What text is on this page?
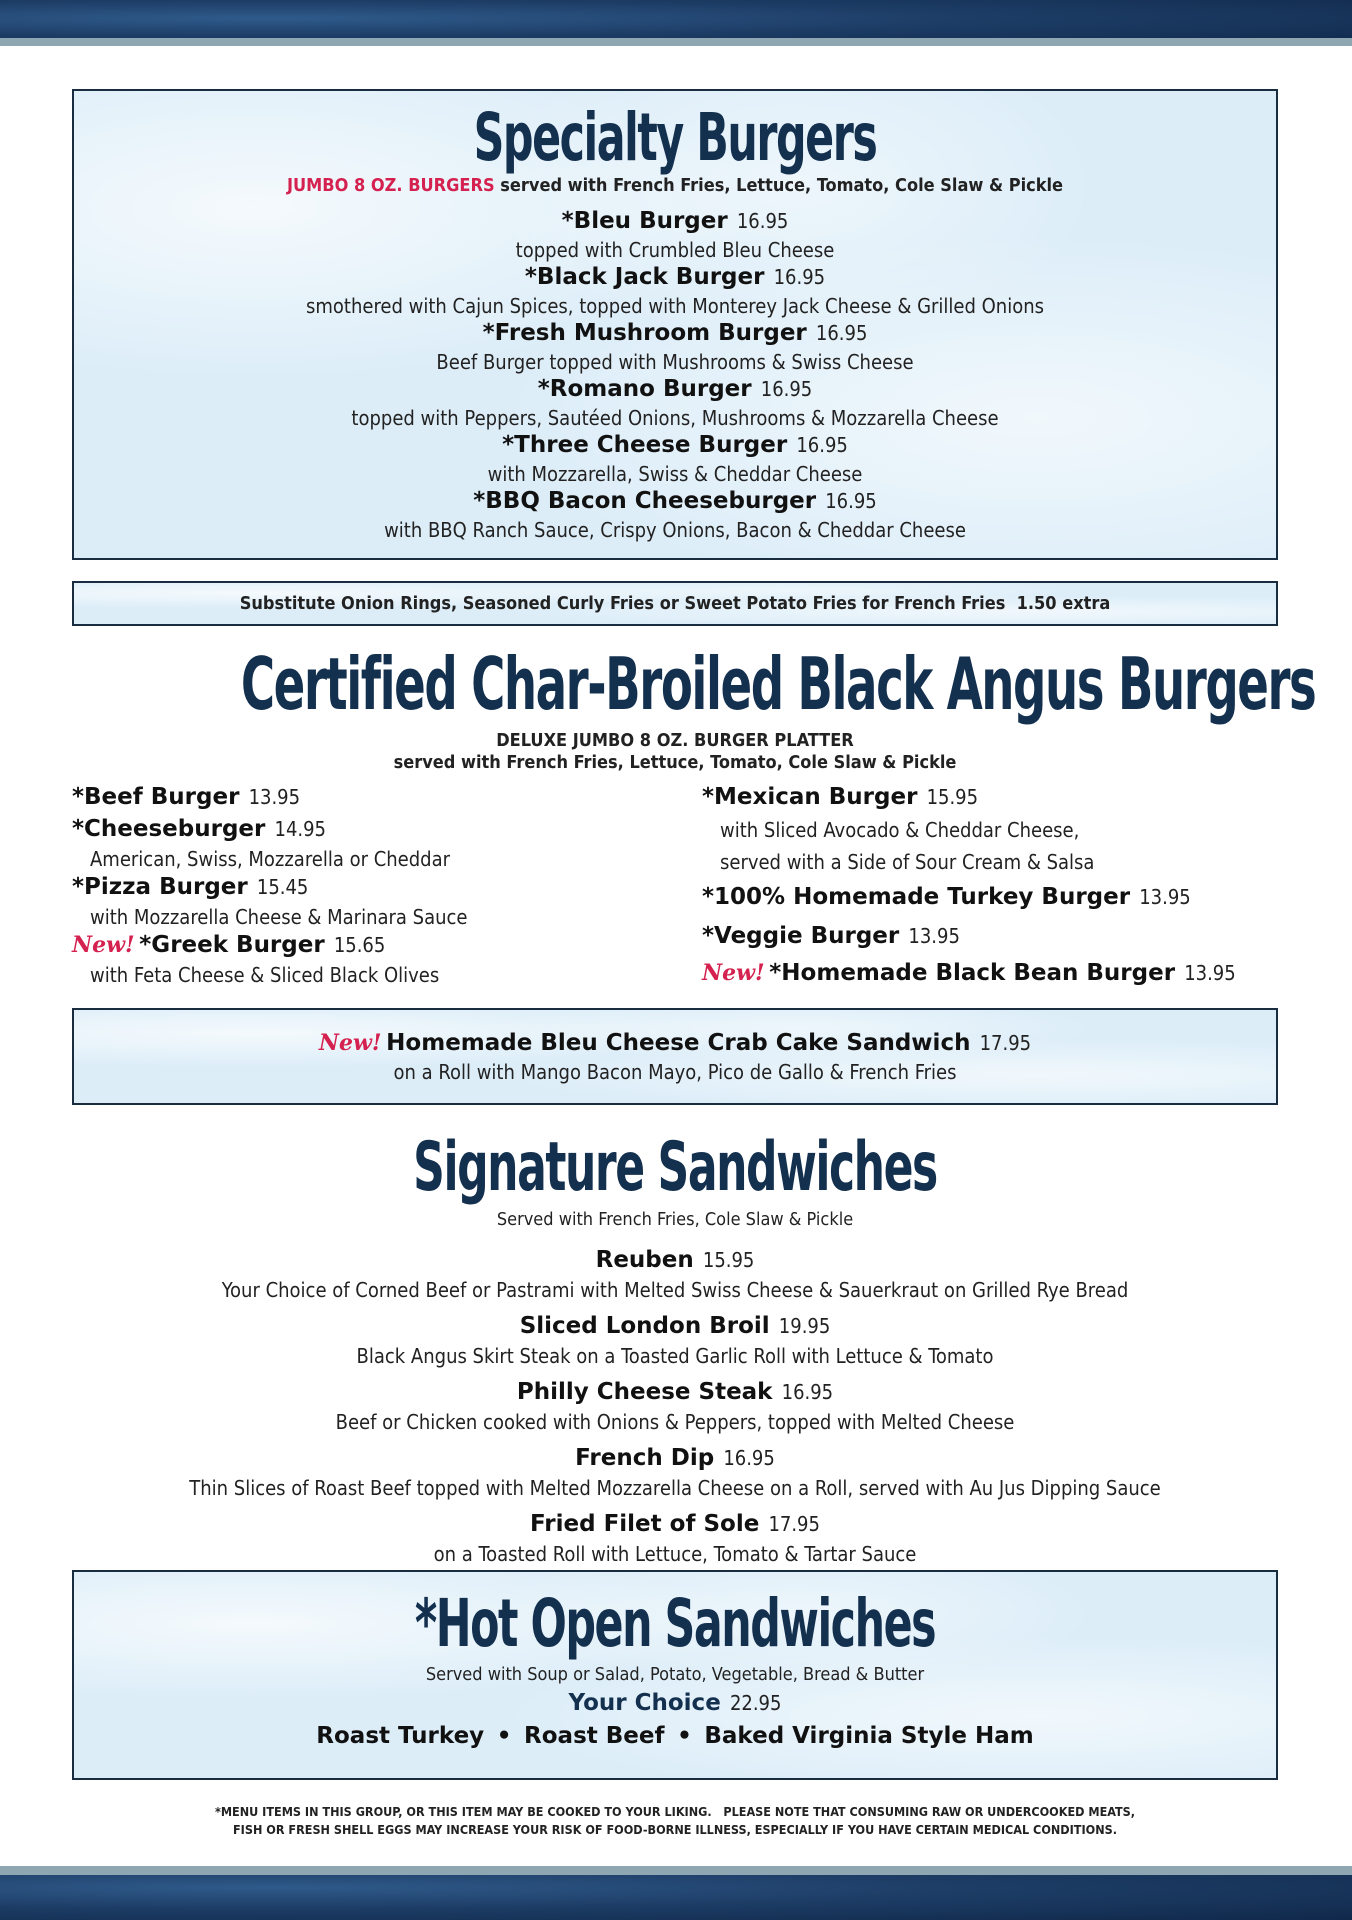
Specialty Burgers
JUMBO 8 OZ. BURGERS served with French Fries, Lettuce, Tomato, Cole Slaw & Pickle
*Bleu Burger 16.95
topped with Crumbled Bleu Cheese
*Black Jack Burger 16.95
smothered with Cajun Spices, topped with Monterey Jack Cheese & Grilled Onions
*Fresh Mushroom Burger 16.95
Beef Burger topped with Mushrooms & Swiss Cheese
*Romano Burger 16.95
topped with Peppers, Sautéed Onions, Mushrooms & Mozzarella Cheese
*Three Cheese Burger 16.95
with Mozzarella, Swiss & Cheddar Cheese
*BBQ Bacon Cheeseburger 16.95
with BBQ Ranch Sauce, Crispy Onions, Bacon & Cheddar Cheese
Substitute Onion Rings, Seasoned Curly Fries or Sweet Potato Fries for French Fries  1.50 extra
Certified Char-Broiled Black Angus Burgers
DELUXE JUMBO 8 OZ. BURGER PLATTER
served with French Fries, Lettuce, Tomato, Cole Slaw & Pickle
*Beef Burger 13.95
*Cheeseburger 14.95
American, Swiss, Mozzarella or Cheddar
*Pizza Burger 15.45
with Mozzarella Cheese & Marinara Sauce
New! *Greek Burger 15.65
with Feta Cheese & Sliced Black Olives
*Mexican Burger 15.95
with Sliced Avocado & Cheddar Cheese,
served with a Side of Sour Cream & Salsa
*100% Homemade Turkey Burger 13.95
*Veggie Burger 13.95
New! *Homemade Black Bean Burger 13.95
New! Homemade Bleu Cheese Crab Cake Sandwich 17.95
on a Roll with Mango Bacon Mayo, Pico de Gallo & French Fries
Signature Sandwiches
Served with French Fries, Cole Slaw & Pickle
Reuben 15.95
Your Choice of Corned Beef or Pastrami with Melted Swiss Cheese & Sauerkraut on Grilled Rye Bread
Sliced London Broil 19.95
Black Angus Skirt Steak on a Toasted Garlic Roll with Lettuce & Tomato
Philly Cheese Steak 16.95
Beef or Chicken cooked with Onions & Peppers, topped with Melted Cheese
French Dip 16.95
Thin Slices of Roast Beef topped with Melted Mozzarella Cheese on a Roll, served with Au Jus Dipping Sauce
Fried Filet of Sole 17.95
on a Toasted Roll with Lettuce, Tomato & Tartar Sauce
*Hot Open Sandwiches
Served with Soup or Salad, Potato, Vegetable, Bread & Butter
Your Choice 22.95
Roast Turkey • Roast Beef • Baked Virginia Style Ham
*MENU ITEMS IN THIS GROUP, OR THIS ITEM MAY BE COOKED TO YOUR LIKING.   PLEASE NOTE THAT CONSUMING RAW OR UNDERCOOKED MEATS,
FISH OR FRESH SHELL EGGS MAY INCREASE YOUR RISK OF FOOD-BORNE ILLNESS, ESPECIALLY IF YOU HAVE CERTAIN MEDICAL CONDITIONS.
